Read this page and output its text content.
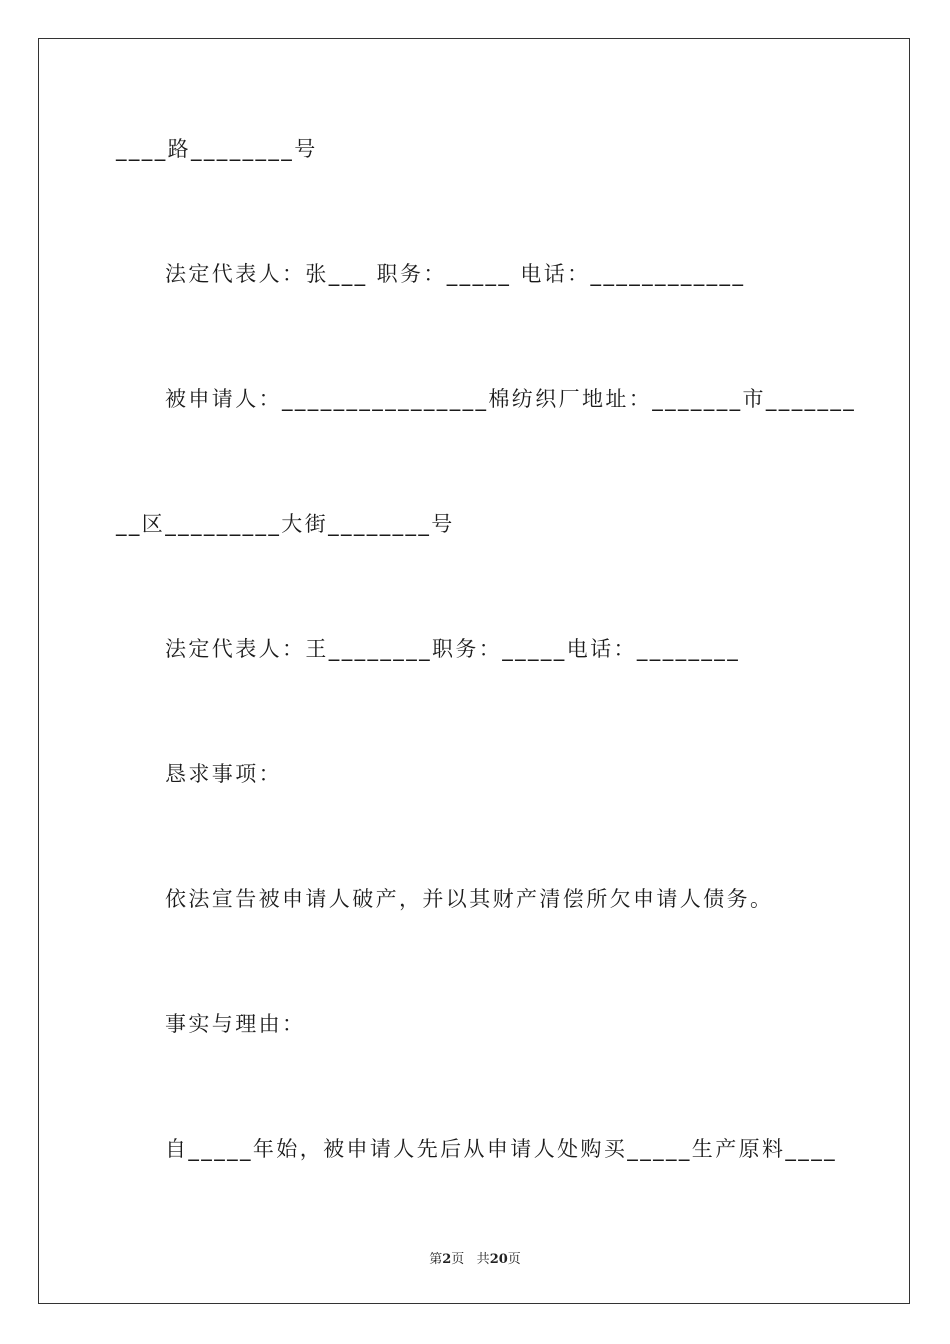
____路________号
法定代表人：张___ 职务：_____ 电话：____________
被申请人：________________棉纺织厂地址：_______市_______
__区_________大街________号
法定代表人：王________职务：_____电话：________
恳求事项：
依法宣告被申请人破产，并以其财产清偿所欠申请人债务。
事实与理由：
自_____年始，被申请人先后从申请人处购买_____生产原料____
第2页 共20页
